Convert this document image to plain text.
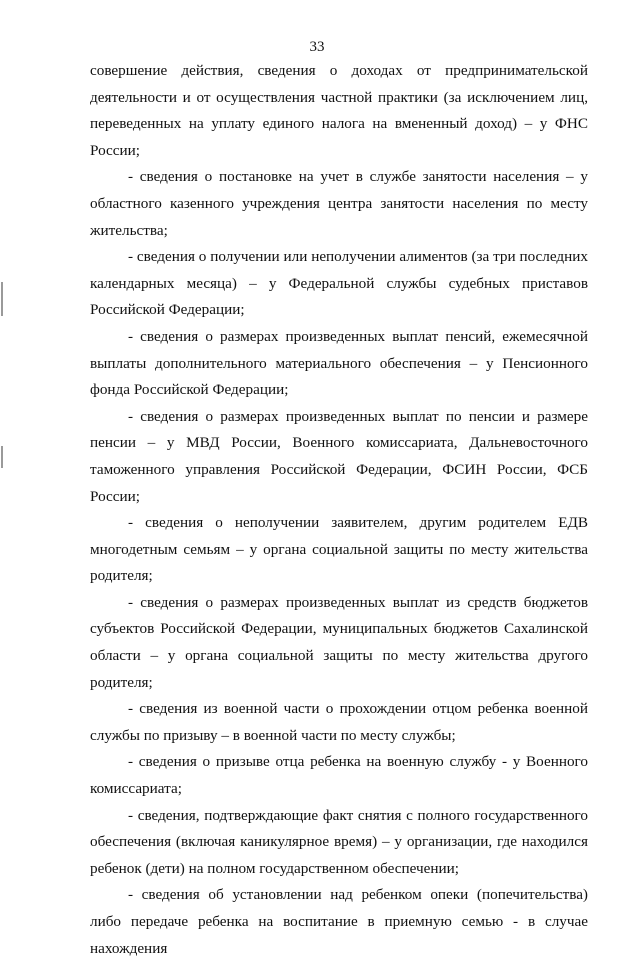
33

совершение действия, сведения о доходах от предпринимательской деятельности и от осуществления частной практики (за исключением лиц, переведенных на уплату единого налога на вмененный доход) – у ФНС России;

- сведения о постановке на учет в службе занятости населения – у областного казенного учреждения центра занятости населения по месту жительства;

- сведения о получении или неполучении алиментов (за три последних календарных месяца) – у Федеральной службы судебных приставов Российской Федерации;

- сведения о размерах произведенных выплат пенсий, ежемесячной выплаты дополнительного материального обеспечения – у Пенсионного фонда Российской Федерации;

- сведения о размерах произведенных выплат по пенсии и размере пенсии – у МВД России, Военного комиссариата, Дальневосточного таможенного управления Российской Федерации, ФСИН России, ФСБ России;

- сведения о неполучении заявителем, другим родителем ЕДВ многодетным семьям – у органа социальной защиты по месту жительства родителя;

- сведения о размерах произведенных выплат из средств бюджетов субъектов Российской Федерации, муниципальных бюджетов Сахалинской области – у органа социальной защиты по месту жительства другого родителя;

- сведения из военной части о прохождении отцом ребенка военной службы по призыву – в военной части по месту службы;

- сведения о призыве отца ребенка на военную службу - у Военного комиссариата;

- сведения, подтверждающие факт снятия с полного государственного обеспечения (включая каникулярное время) – у организации, где находился ребенок (дети) на полном государственном обеспечении;

- сведения об установлении над ребенком опеки (попечительства) либо передаче ребенка на воспитание в приемную семью - в случае нахождения
